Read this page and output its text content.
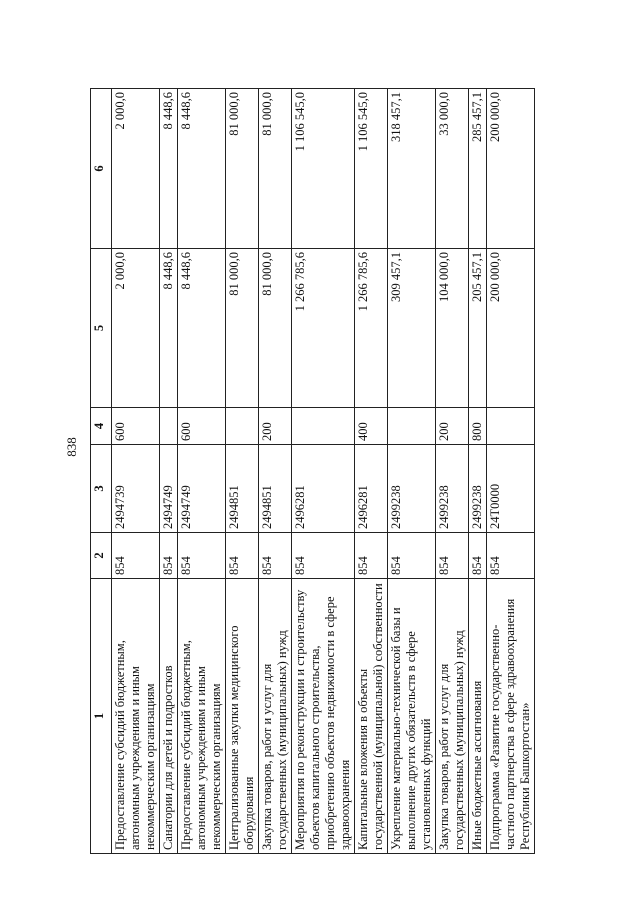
838
1	2	3	4	5	6
Предоставление субсидий бюджетным, автономным учреждениям и иным некоммерческим организациям	854	2494739	600	2 000,0	2 000,0
Санатории для детей и подростков	854	2494749		8 448,6	8 448,6
Предоставление субсидий бюджетным, автономным учреждениям и иным некоммерческим организациям	854	2494749	600	8 448,6	8 448,6
Централизованные закупки медицинского оборудования	854	2494851		81 000,0	81 000,0
Закупка товаров, работ и услуг для государственных (муниципальных) нужд	854	2494851	200	81 000,0	81 000,0
Мероприятия по реконструкции и строительству объектов капитального строительства, приобретению объектов недвижимости в сфере здравоохранения	854	2496281		1 266 785,6	1 106 545,0
Капитальные вложения в объекты государственной (муниципальной) собственности	854	2496281	400	1 266 785,6	1 106 545,0
Укрепление материально-технической базы и выполнение других обязательств в сфере установленных функций	854	2499238		309 457,1	318 457,1
Закупка товаров, работ и услуг для государственных (муниципальных) нужд	854	2499238	200	104 000,0	33 000,0
Иные бюджетные ассигнования	854	2499238	800	205 457,1	285 457,1
Подпрограмма «Развитие государственно-частного партнерства в сфере здравоохранения Республики Башкортостан»	854	24Т0000		200 000,0	200 000,0
